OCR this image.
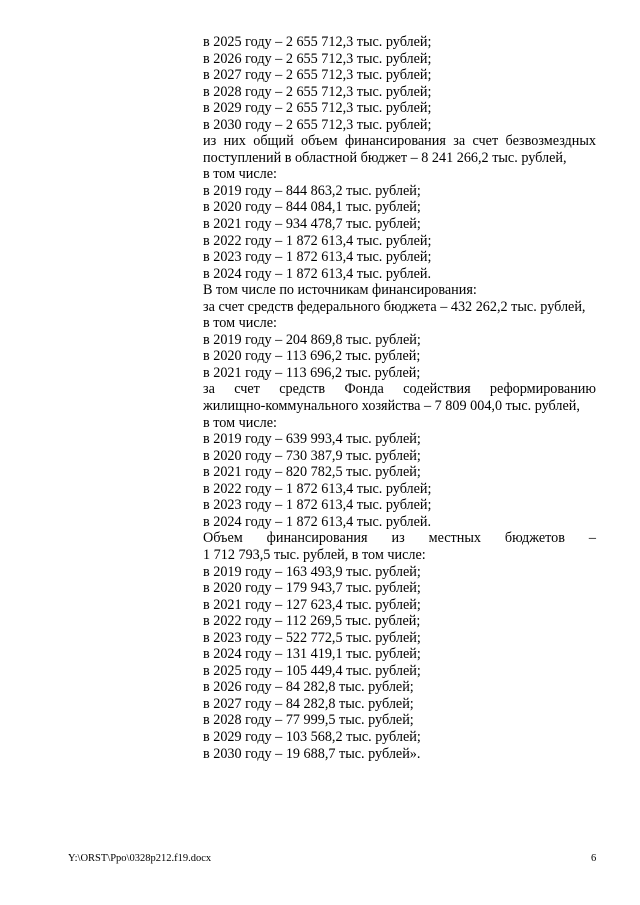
в 2025 году – 2 655 712,3 тыс. рублей;
в 2026 году – 2 655 712,3 тыс. рублей;
в 2027 году – 2 655 712,3 тыс. рублей;
в 2028 году – 2 655 712,3 тыс. рублей;
в 2029 году – 2 655 712,3 тыс. рублей;
в 2030 году – 2 655 712,3 тыс. рублей;
из них общий объем финансирования за счет безвозмездных
поступлений в областной бюджет – 8 241 266,2 тыс. рублей,
в том числе:
в 2019 году – 844 863,2 тыс. рублей;
в 2020 году – 844 084,1 тыс. рублей;
в 2021 году – 934 478,7 тыс. рублей;
в 2022 году – 1 872 613,4 тыс. рублей;
в 2023 году – 1 872 613,4 тыс. рублей;
в 2024 году – 1 872 613,4 тыс. рублей.
В том числе по источникам финансирования:
за счет средств федерального бюджета – 432 262,2 тыс. рублей,
в том числе:
в 2019 году – 204 869,8 тыс. рублей;
в 2020 году – 113 696,2 тыс. рублей;
в 2021 году – 113 696,2 тыс. рублей;
за счет средств Фонда содействия реформированию
жилищно-коммунального хозяйства – 7 809 004,0 тыс. рублей,
в том числе:
в 2019 году – 639 993,4 тыс. рублей;
в 2020 году – 730 387,9 тыс. рублей;
в 2021 году – 820 782,5 тыс. рублей;
в 2022 году – 1 872 613,4 тыс. рублей;
в 2023 году – 1 872 613,4 тыс. рублей;
в 2024 году – 1 872 613,4 тыс. рублей.
Объем финансирования из местных бюджетов –
1 712 793,5 тыс. рублей, в том числе:
в 2019 году – 163 493,9 тыс. рублей;
в 2020 году – 179 943,7 тыс. рублей;
в 2021 году – 127 623,4 тыс. рублей;
в 2022 году – 112 269,5 тыс. рублей;
в 2023 году – 522 772,5 тыс. рублей;
в 2024 году – 131 419,1 тыс. рублей;
в 2025 году – 105 449,4 тыс. рублей;
в 2026 году – 84 282,8 тыс. рублей;
в 2027 году – 84 282,8 тыс. рублей;
в 2028 году – 77 999,5 тыс. рублей;
в 2029 году – 103 568,2 тыс. рублей;
в 2030 году – 19 688,7 тыс. рублей».
Y:\ORST\Ppo\0328p212.f19.docx	6
